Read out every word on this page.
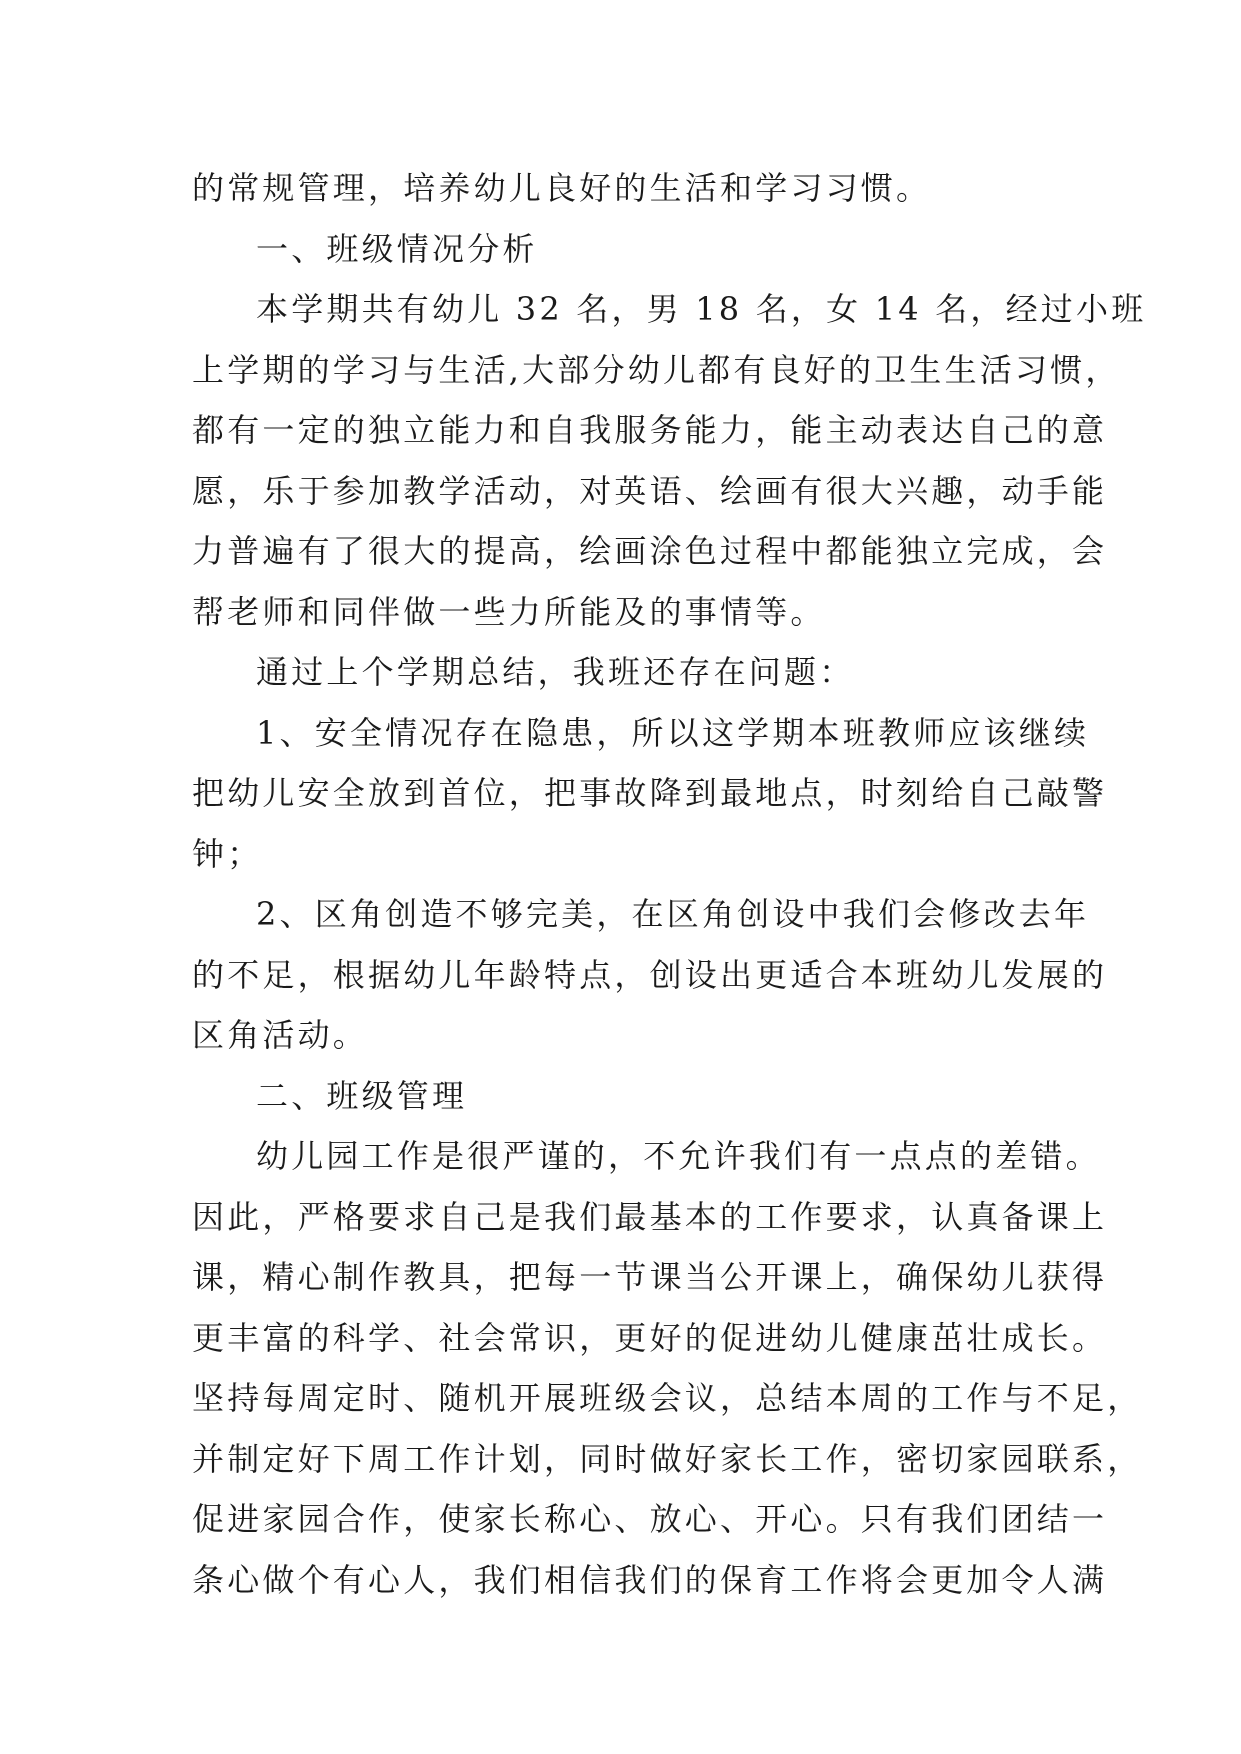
的常规管理，培养幼儿良好的生活和学习习惯。
一、班级情况分析
本学期共有幼儿 32 名，男 18 名，女 14 名，经过小班
上学期的学习与生活,大部分幼儿都有良好的卫生生活习惯，
都有一定的独立能力和自我服务能力，能主动表达自己的意
愿，乐于参加教学活动，对英语、绘画有很大兴趣，动手能
力普遍有了很大的提高，绘画涂色过程中都能独立完成，会
帮老师和同伴做一些力所能及的事情等。
通过上个学期总结，我班还存在问题：
1、安全情况存在隐患，所以这学期本班教师应该继续
把幼儿安全放到首位，把事故降到最地点，时刻给自己敲警
钟；
2、区角创造不够完美，在区角创设中我们会修改去年
的不足，根据幼儿年龄特点，创设出更适合本班幼儿发展的
区角活动。
二、班级管理
幼儿园工作是很严谨的，不允许我们有一点点的差错。
因此，严格要求自己是我们最基本的工作要求，认真备课上
课，精心制作教具，把每一节课当公开课上，确保幼儿获得
更丰富的科学、社会常识，更好的促进幼儿健康茁壮成长。
坚持每周定时、随机开展班级会议，总结本周的工作与不足，
并制定好下周工作计划，同时做好家长工作，密切家园联系，
促进家园合作，使家长称心、放心、开心。只有我们团结一
条心做个有心人，我们相信我们的保育工作将会更加令人满
